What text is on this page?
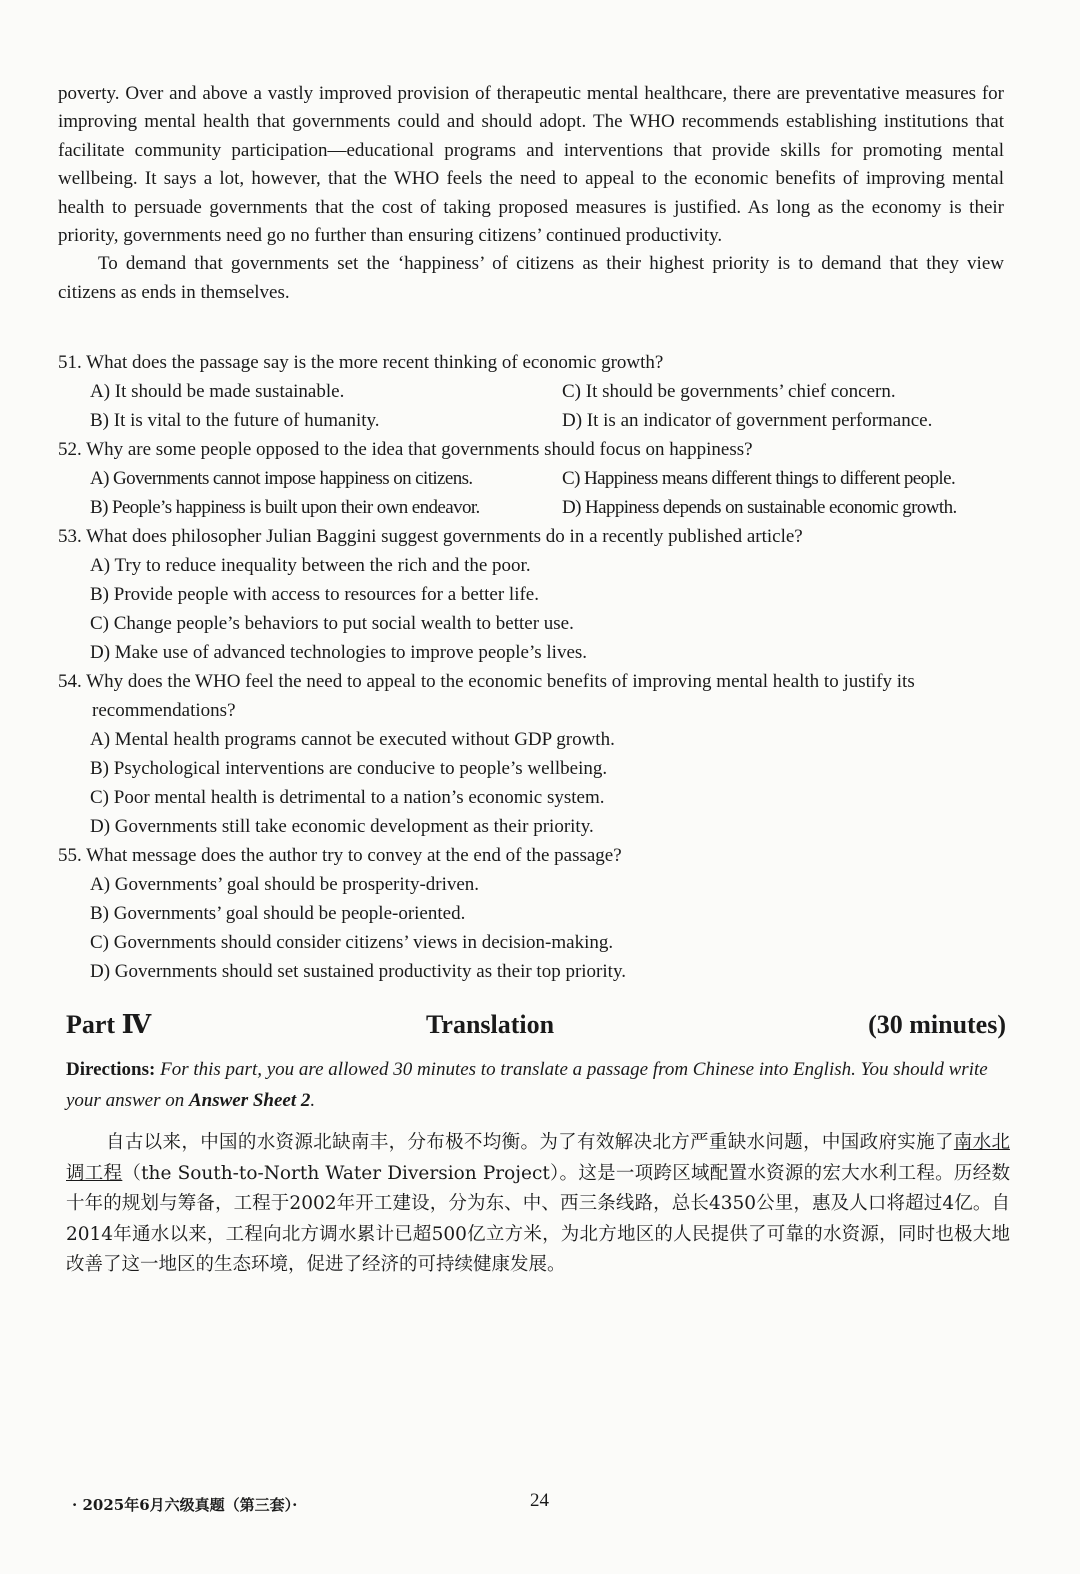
poverty. Over and above a vastly improved provision of therapeutic mental healthcare, there are preventative measures for improving mental health that governments could and should adopt. The WHO recommends establishing institutions that facilitate community participation—educational programs and interventions that provide skills for promoting mental wellbeing. It says a lot, however, that the WHO feels the need to appeal to the economic benefits of improving mental health to persuade governments that the cost of taking proposed measures is justified. As long as the economy is their priority, governments need go no further than ensuring citizens’ continued productivity.

To demand that governments set the ‘happiness’ of citizens as their highest priority is to demand that they view citizens as ends in themselves.

51. What does the passage say is the more recent thinking of economic growth?
A) It should be made sustainable.	C) It should be governments’ chief concern.
B) It is vital to the future of humanity.	D) It is an indicator of government performance.
52. Why are some people opposed to the idea that governments should focus on happiness?
A) Governments cannot impose happiness on citizens.	C) Happiness means different things to different people.
B) People’s happiness is built upon their own endeavor.	D) Happiness depends on sustainable economic growth.
53. What does philosopher Julian Baggini suggest governments do in a recently published article?
A) Try to reduce inequality between the rich and the poor.
B) Provide people with access to resources for a better life.
C) Change people’s behaviors to put social wealth to better use.
D) Make use of advanced technologies to improve people’s lives.
54. Why does the WHO feel the need to appeal to the economic benefits of improving mental health to justify its recommendations?
A) Mental health programs cannot be executed without GDP growth.
B) Psychological interventions are conducive to people’s wellbeing.
C) Poor mental health is detrimental to a nation’s economic system.
D) Governments still take economic development as their priority.
55. What message does the author try to convey at the end of the passage?
A) Governments’ goal should be prosperity-driven.
B) Governments’ goal should be people-oriented.
C) Governments should consider citizens’ views in decision-making.
D) Governments should set sustained productivity as their top priority.
Part Ⅳ	Translation	(30 minutes)
Directions: For this part, you are allowed 30 minutes to translate a passage from Chinese into English. You should write your answer on Answer Sheet 2.
自古以来，中国的水资源北缺南丰，分布极不均衡。为了有效解决北方严重缺水问题，中国政府实施了南水北调工程（the South-to-North Water Diversion Project）。这是一项跨区域配置水资源的宏大水利工程。历经数十年的规划与筹备，工程于2002年开工建设，分为东、中、西三条线路，总长4350公里，惠及人口将超过4亿。自2014年通水以来，工程向北方调水累计已超500亿立方米，为北方地区的人民提供了可靠的水资源，同时也极大地改善了这一地区的生态环境，促进了经济的可持续健康发展。
· 2025年6月六级真题（第三套）·	24
